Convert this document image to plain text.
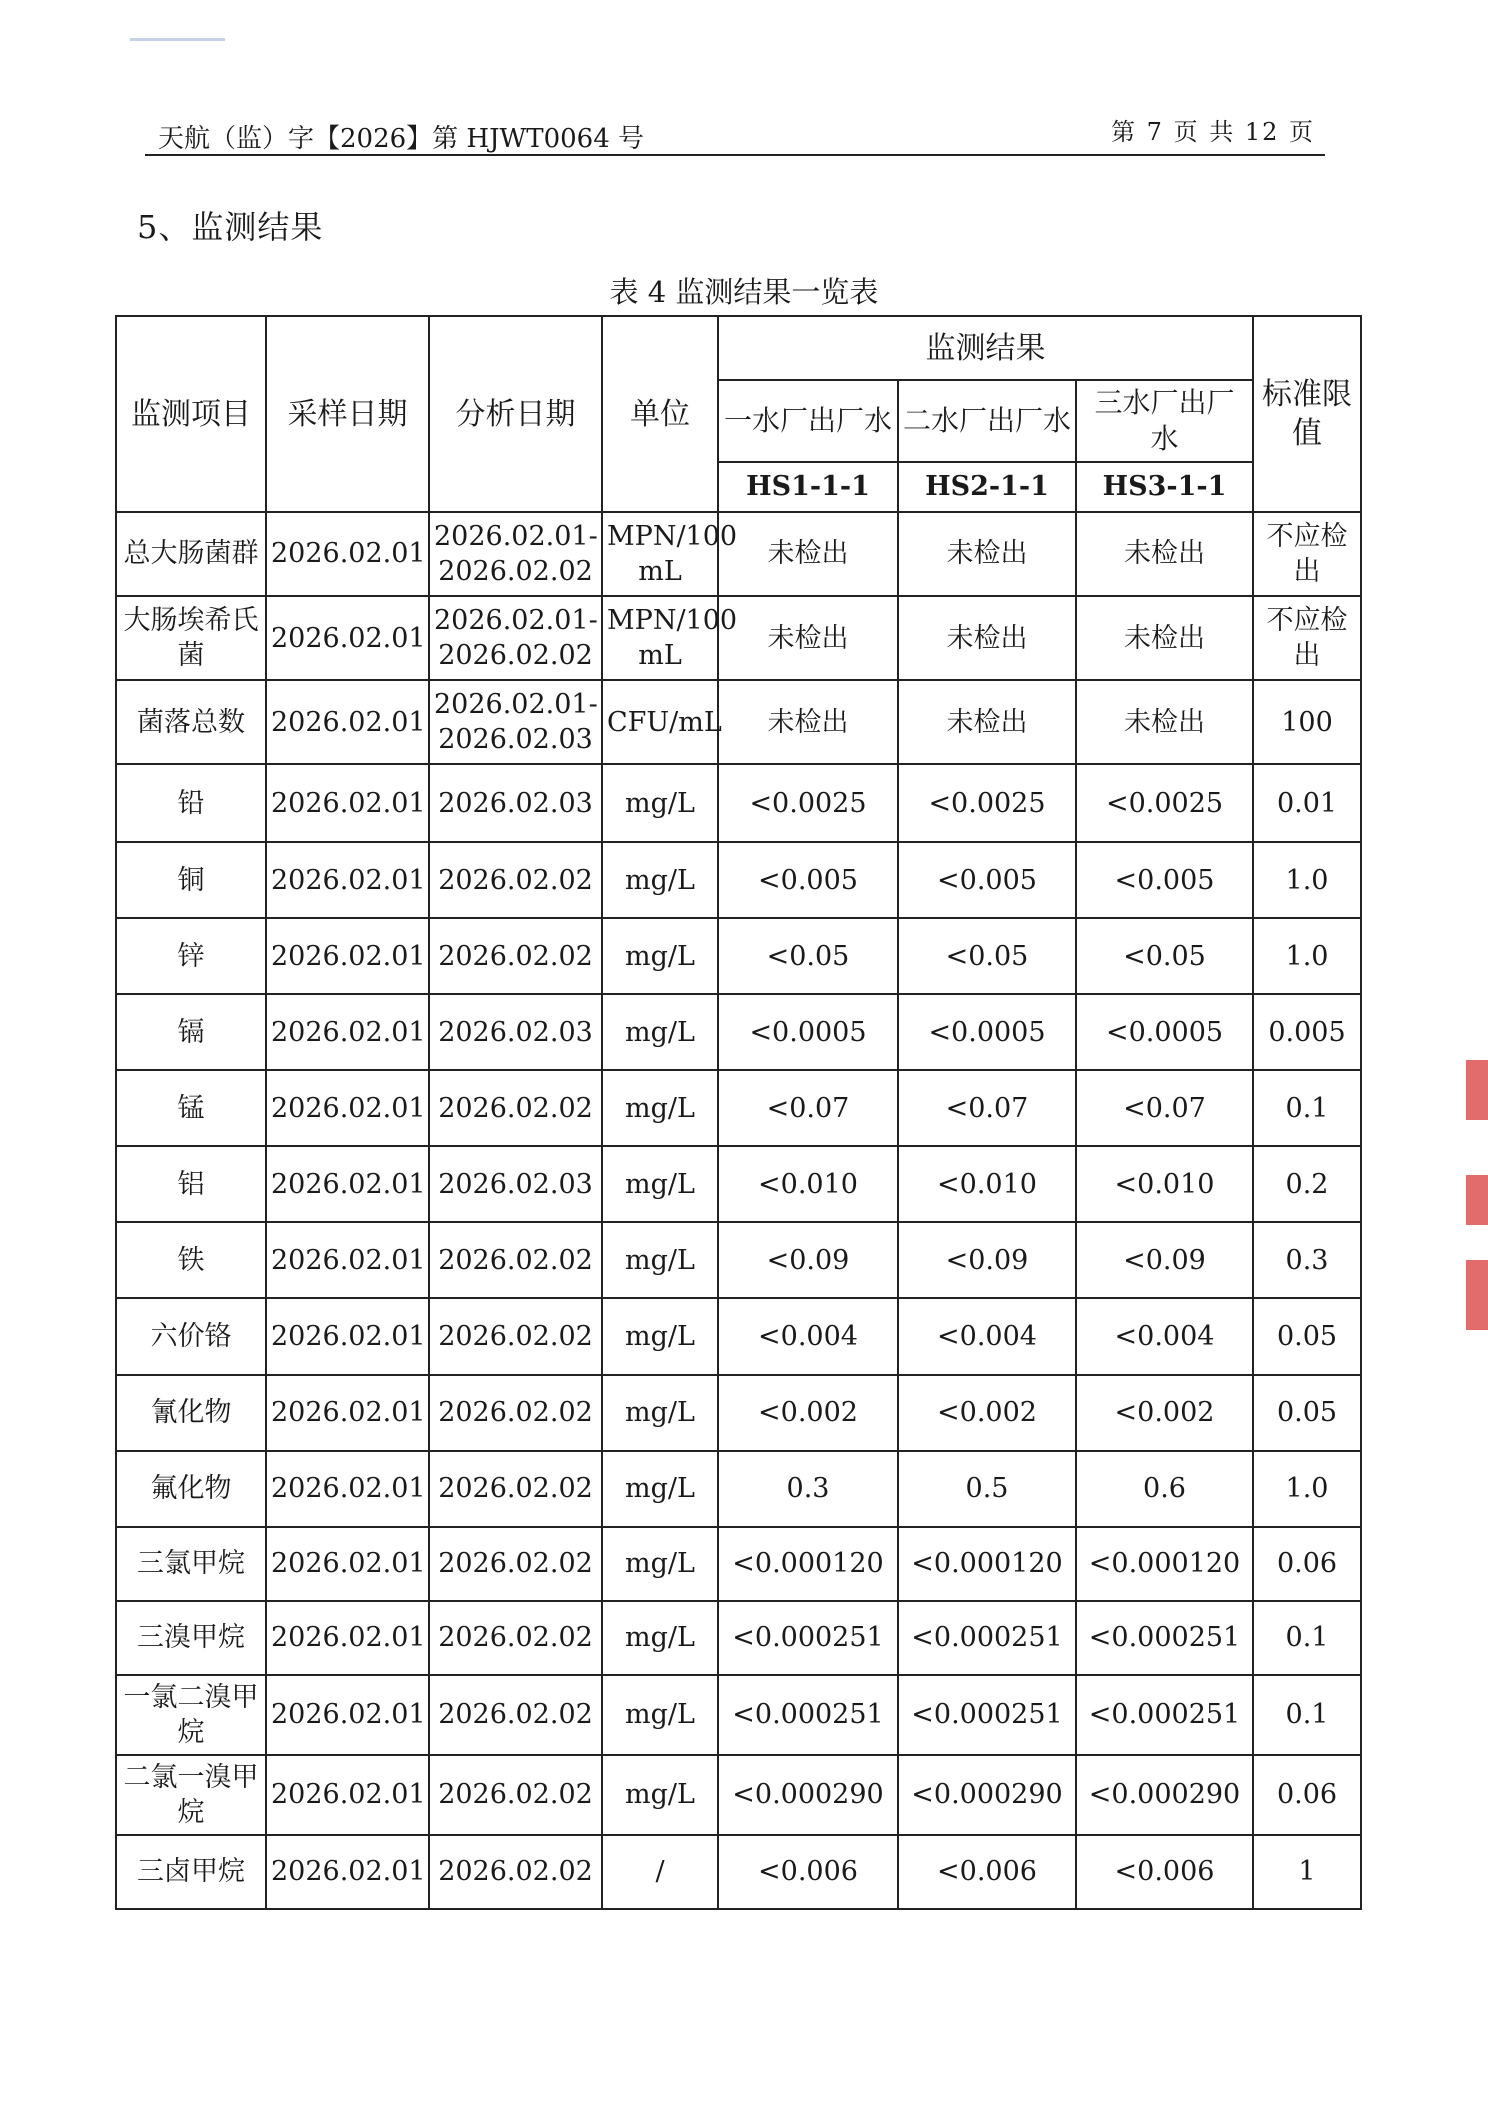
天航（监）字【2026】第 HJWT0064 号	第 7 页 共 12 页
5、监测结果
表 4 监测结果一览表
监测项目	采样日期	分析日期	单位	监测结果			标准限值
				一水厂出厂水	二水厂出厂水	三水厂出厂水	
				HS1-1-1	HS2-1-1	HS3-1-1	
总大肠菌群	2026.02.01	2026.02.01-2026.02.02	MPN/100 mL	未检出	未检出	未检出	不应检出
大肠埃希氏菌	2026.02.01	2026.02.01-2026.02.02	MPN/100 mL	未检出	未检出	未检出	不应检出
菌落总数	2026.02.01	2026.02.01-2026.02.03	CFU/mL	未检出	未检出	未检出	100
铅	2026.02.01	2026.02.03	mg/L	<0.0025	<0.0025	<0.0025	0.01
铜	2026.02.01	2026.02.02	mg/L	<0.005	<0.005	<0.005	1.0
锌	2026.02.01	2026.02.02	mg/L	<0.05	<0.05	<0.05	1.0
镉	2026.02.01	2026.02.03	mg/L	<0.0005	<0.0005	<0.0005	0.005
锰	2026.02.01	2026.02.02	mg/L	<0.07	<0.07	<0.07	0.1
铝	2026.02.01	2026.02.03	mg/L	<0.010	<0.010	<0.010	0.2
铁	2026.02.01	2026.02.02	mg/L	<0.09	<0.09	<0.09	0.3
六价铬	2026.02.01	2026.02.02	mg/L	<0.004	<0.004	<0.004	0.05
氰化物	2026.02.01	2026.02.02	mg/L	<0.002	<0.002	<0.002	0.05
氟化物	2026.02.01	2026.02.02	mg/L	0.3	0.5	0.6	1.0
三氯甲烷	2026.02.01	2026.02.02	mg/L	<0.000120	<0.000120	<0.000120	0.06
三溴甲烷	2026.02.01	2026.02.02	mg/L	<0.000251	<0.000251	<0.000251	0.1
一氯二溴甲烷	2026.02.01	2026.02.02	mg/L	<0.000251	<0.000251	<0.000251	0.1
二氯一溴甲烷	2026.02.01	2026.02.02	mg/L	<0.000290	<0.000290	<0.000290	0.06
三卤甲烷	2026.02.01	2026.02.02	/	<0.006	<0.006	<0.006	1
